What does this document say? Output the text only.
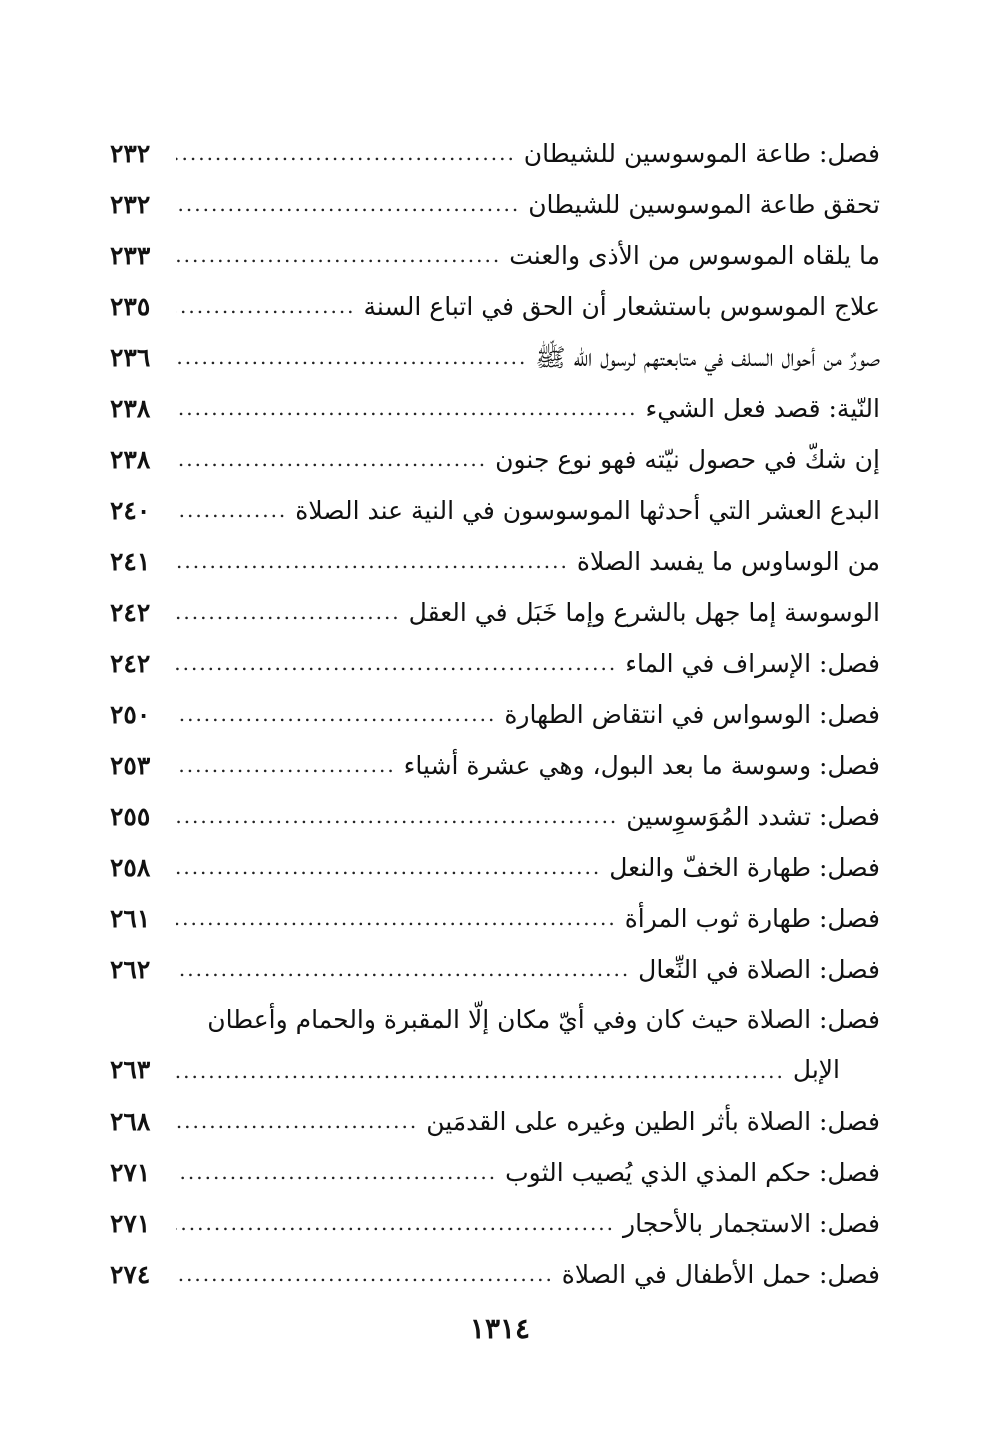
فصل: طاعة الموسوسين للشيطان
.....
٢٣٢
تحقق طاعة الموسوسين للشيطان
.....
٢٣٢
ما يلقاه الموسوس من الأذى والعنت
.....
٢٣٣
علاج الموسوس باستشعار أن الحق في اتباع السنة
.....
٢٣٥
صورٌ من أحوال السلف في متابعتهم لرسول الله ﷺ
.....
٢٣٦
النّية: قصد فعل الشيء
.....
٢٣٨
إن شكّ في حصول نيّته فهو نوع جنون
.....
٢٣٨
البدع العشر التي أحدثها الموسوسون في النية عند الصلاة
.....
٢٤٠
من الوساوس ما يفسد الصلاة
.....
٢٤١
الوسوسة إما جهل بالشرع وإما خَبَل في العقل
.....
٢٤٢
فصل: الإسراف في الماء
.....
٢٤٢
فصل: الوسواس في انتقاض الطهارة
.....
٢٥٠
فصل: وسوسة ما بعد البول، وهي عشرة أشياء
.....
٢٥٣
فصل: تشدد المُوَسوِسين
.....
٢٥٥
فصل: طهارة الخفّ والنعل
.....
٢٥٨
فصل: طهارة ثوب المرأة
.....
٢٦١
فصل: الصلاة في النِّعال
.....
٢٦٢
فصل: الصلاة حيث كان وفي أيّ مكان إلّا المقبرة والحمام وأعطان
الإبل
.....
٢٦٣
فصل: الصلاة بأثر الطين وغيره على القدمَين
.....
٢٦٨
فصل: حكم المذي الذي يُصيب الثوب
.....
٢٧١
فصل: الاستجمار بالأحجار
.....
٢٧١
فصل: حمل الأطفال في الصلاة
.....
٢٧٤
١٣١٤
